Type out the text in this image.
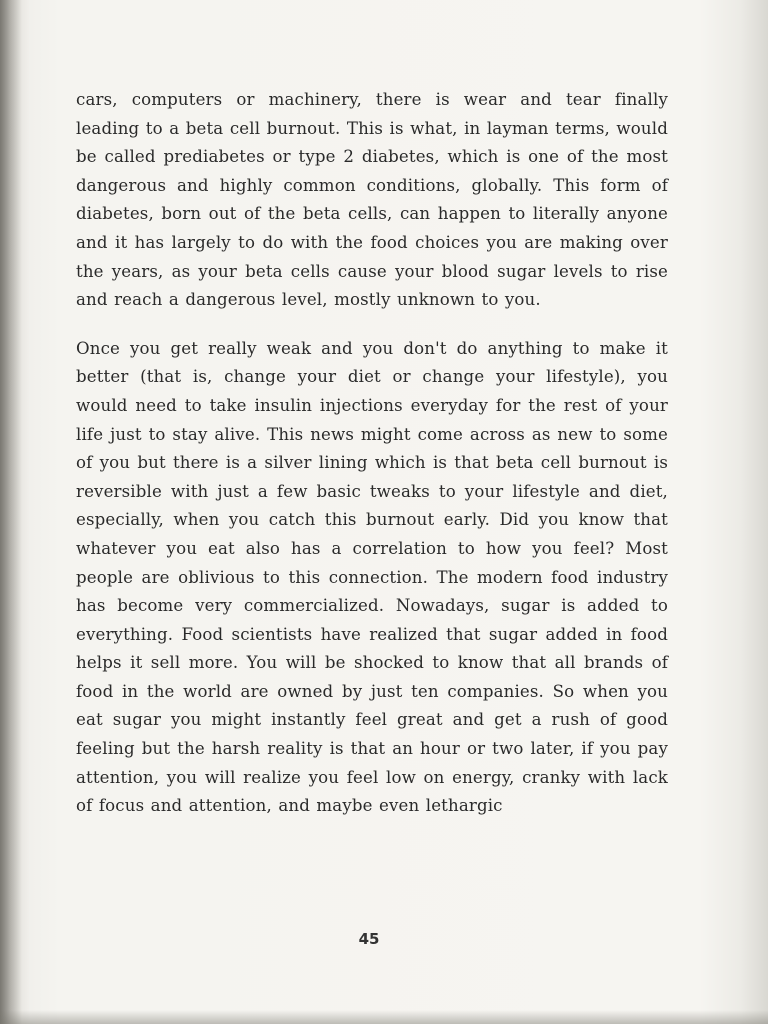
cars, computers or machinery, there is wear and tear finally leading to a beta cell burnout. This is what, in layman terms, would be called prediabetes or type 2 diabetes, which is one of the most dangerous and highly common conditions, globally. This form of diabetes, born out of the beta cells, can happen to literally anyone and it has largely to do with the food choices you are making over the years, as your beta cells cause your blood sugar levels to rise and reach a dangerous level, mostly unknown to you.

Once you get really weak and you don't do anything to make it better (that is, change your diet or change your lifestyle), you would need to take insulin injections everyday for the rest of your life just to stay alive. This news might come across as new to some of you but there is a silver lining which is that beta cell burnout is reversible with just a few basic tweaks to your lifestyle and diet, especially, when you catch this burnout early. Did you know that whatever you eat also has a correlation to how you feel? Most people are oblivious to this connection. The modern food industry has become very commercialized. Nowadays, sugar is added to everything. Food scientists have realized that sugar added in food helps it sell more. You will be shocked to know that all brands of food in the world are owned by just ten companies. So when you eat sugar you might instantly feel great and get a rush of good feeling but the harsh reality is that an hour or two later, if you pay attention, you will realize you feel low on energy, cranky with lack of focus and attention, and maybe even lethargic

45
